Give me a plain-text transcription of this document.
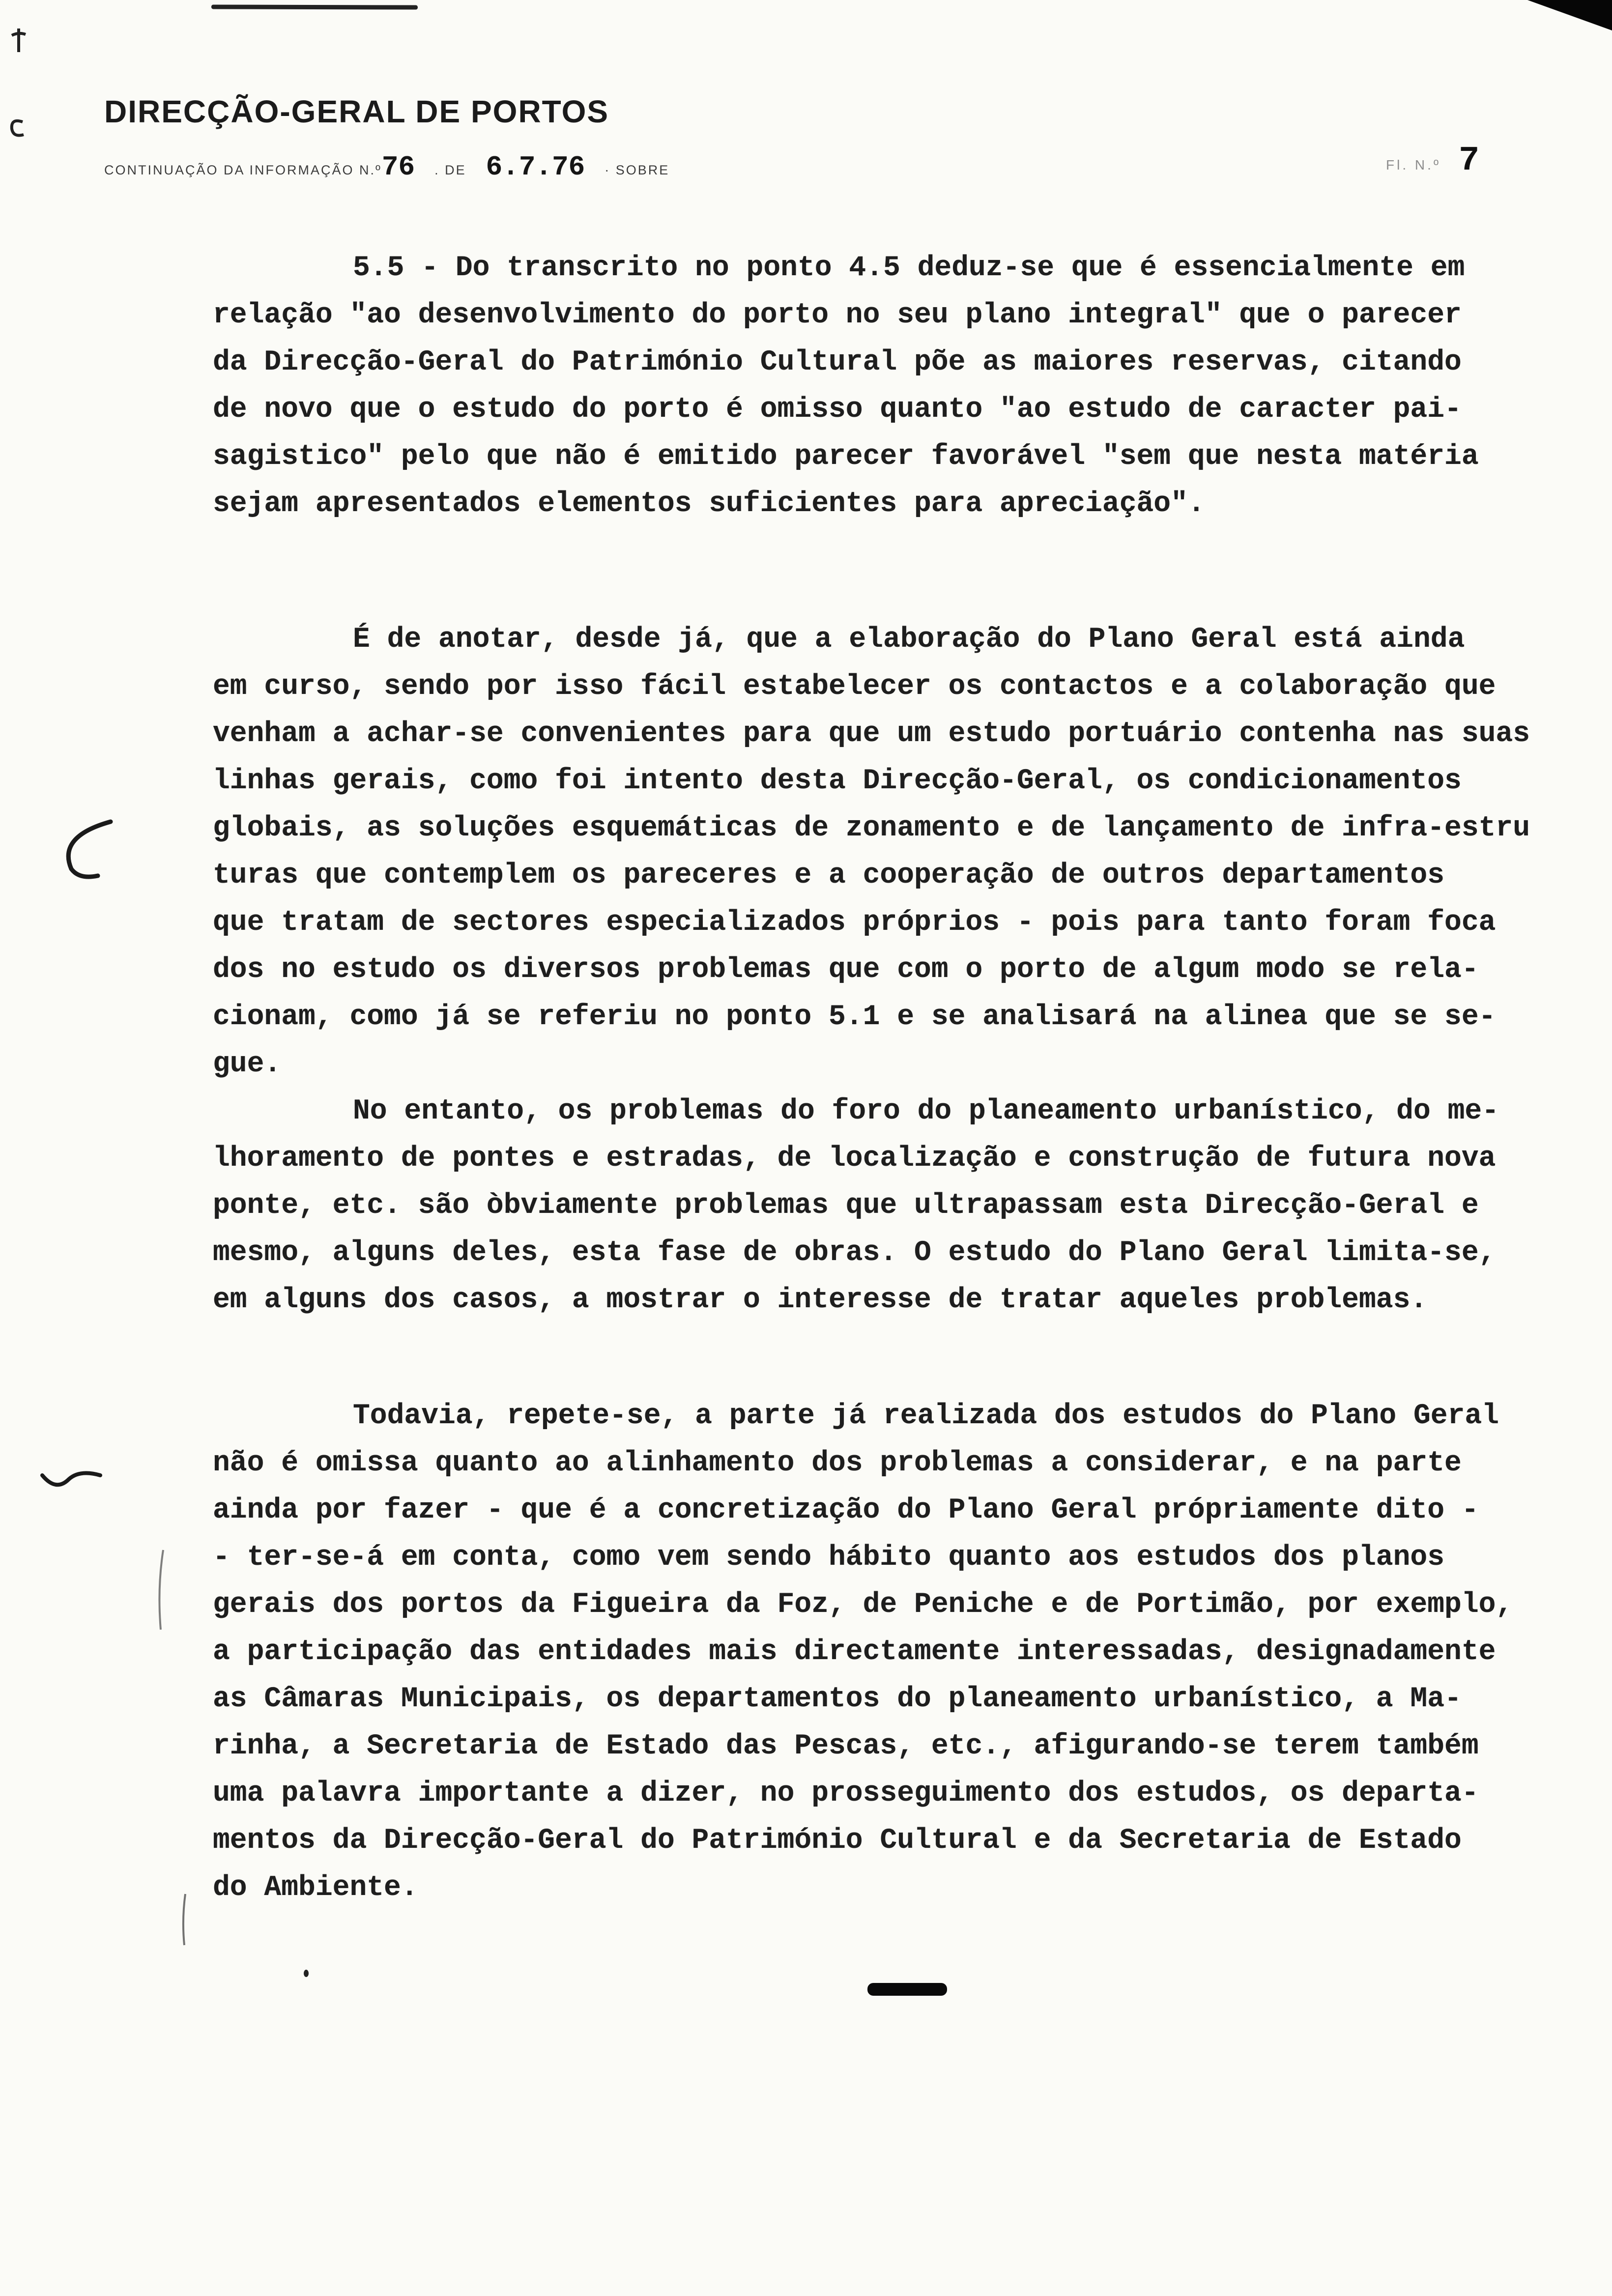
DIRECÇÃO-GERAL DE PORTOS
CONTINUAÇÃO DA INFORMAÇÃO N.º 76 . DE 6.7.76 · SOBRE	Fl. N.º 7
5.5 - Do transcrito no ponto 4.5 deduz-se que é essencialmente em
relação "ao desenvolvimento do porto no seu plano integral" que o parecer
da Direcção-Geral do Património Cultural põe as maiores reservas, citando
de novo que o estudo do porto é omisso quanto "ao estudo de caracter pai-
sagistico" pelo que não é emitido parecer favorável "sem que nesta matéria
sejam apresentados elementos suficientes para apreciação".
É de anotar, desde já, que a elaboração do Plano Geral está ainda
em curso, sendo por isso fácil estabelecer os contactos e a colaboração que
venham a achar-se convenientes para que um estudo portuário contenha nas suas
linhas gerais, como foi intento desta Direcção-Geral, os condicionamentos
globais, as soluções esquemáticas de zonamento e de lançamento de infra-estru
turas que contemplem os pareceres e a cooperação de outros departamentos
que tratam de sectores especializados próprios - pois para tanto foram foca
dos no estudo os diversos problemas que com o porto de algum modo se rela-
cionam, como já se referiu no ponto 5.1 e se analisará na alinea que se se-
gue.
No entanto, os problemas do foro do planeamento urbanístico, do me-
lhoramento de pontes e estradas, de localização e construção de futura nova
ponte, etc. são òbviamente problemas que ultrapassam esta Direcção-Geral e
mesmo, alguns deles, esta fase de obras. O estudo do Plano Geral limita-se,
em alguns dos casos, a mostrar o interesse de tratar aqueles problemas.
Todavia, repete-se, a parte já realizada dos estudos do Plano Geral
não é omissa quanto ao alinhamento dos problemas a considerar, e na parte
ainda por fazer - que é a concretização do Plano Geral própriamente dito -
- ter-se-á em conta, como vem sendo hábito quanto aos estudos dos planos
gerais dos portos da Figueira da Foz, de Peniche e de Portimão, por exemplo,
a participação das entidades mais directamente interessadas, designadamente
as Câmaras Municipais, os departamentos do planeamento urbanístico, a Ma-
rinha, a Secretaria de Estado das Pescas, etc., afigurando-se terem também
uma palavra importante a dizer, no prosseguimento dos estudos, os departa-
mentos da Direcção-Geral do Património Cultural e da Secretaria de Estado
do Ambiente.
